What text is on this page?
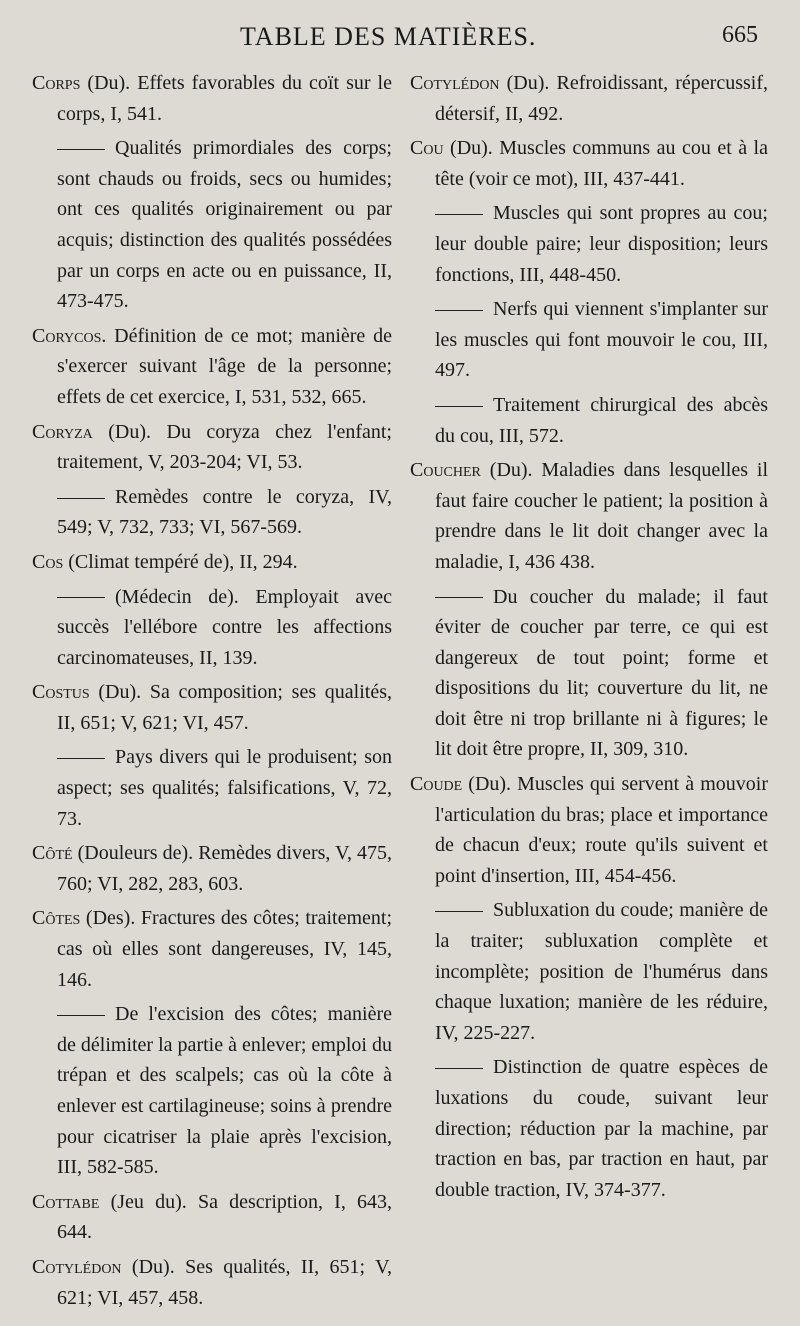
TABLE DES MATIÈRES.	665

Corps (Du). Effets favorables du coït sur le corps, I, 541.

Qualités primordiales des corps; sont chauds ou froids, secs ou humides; ont ces qualités originairement ou par acquis; distinction des qualités possédées par un corps en acte ou en puissance, II, 473-475.

Corycos. Définition de ce mot; manière de s'exercer suivant l'âge de la personne; effets de cet exercice, I, 531, 532, 665.

Coryza (Du). Du coryza chez l'enfant; traitement, V, 203-204; VI, 53.

Remèdes contre le coryza, IV, 549; V, 732, 733; VI, 567-569.

Cos (Climat tempéré de), II, 294.

(Médecin de). Employait avec succès l'ellébore contre les affections carcinomateuses, II, 139.

Costus (Du). Sa composition; ses qualités, II, 651; V, 621; VI, 457.

Pays divers qui le produisent; son aspect; ses qualités; falsifications, V, 72, 73.

Côté (Douleurs de). Remèdes divers, V, 475, 760; VI, 282, 283, 603.

Côtes (Des). Fractures des côtes; traitement; cas où elles sont dangereuses, IV, 145, 146.

De l'excision des côtes; manière de délimiter la partie à enlever; emploi du trépan et des scalpels; cas où la côte à enlever est cartilagineuse; soins à prendre pour cicatriser la plaie après l'excision, III, 582-585.

Cottabe (Jeu du). Sa description, I, 643, 644.

Cotylédon (Du). Ses qualités, II, 651; V, 621; VI, 457, 458.

Cotylédon (Du). Refroidissant, répercussif, détersif, II, 492.

Cou (Du). Muscles communs au cou et à la tête (voir ce mot), III, 437-441.

Muscles qui sont propres au cou; leur double paire; leur disposition; leurs fonctions, III, 448-450.

Nerfs qui viennent s'implanter sur les muscles qui font mouvoir le cou, III, 497.

Traitement chirurgical des abcès du cou, III, 572.

Coucher (Du). Maladies dans lesquelles il faut faire coucher le patient; la position à prendre dans le lit doit changer avec la maladie, I, 436 438.

Du coucher du malade; il faut éviter de coucher par terre, ce qui est dangereux de tout point; forme et dispositions du lit; couverture du lit, ne doit être ni trop brillante ni à figures; le lit doit être propre, II, 309, 310.

Coude (Du). Muscles qui servent à mouvoir l'articulation du bras; place et importance de chacun d'eux; route qu'ils suivent et point d'insertion, III, 454-456.

Subluxation du coude; manière de la traiter; subluxation complète et incomplète; position de l'humérus dans chaque luxation; manière de les réduire, IV, 225-227.

Distinction de quatre espèces de luxations du coude, suivant leur direction; réduction par la machine, par traction en bas, par traction en haut, par double traction, IV, 374-377.
